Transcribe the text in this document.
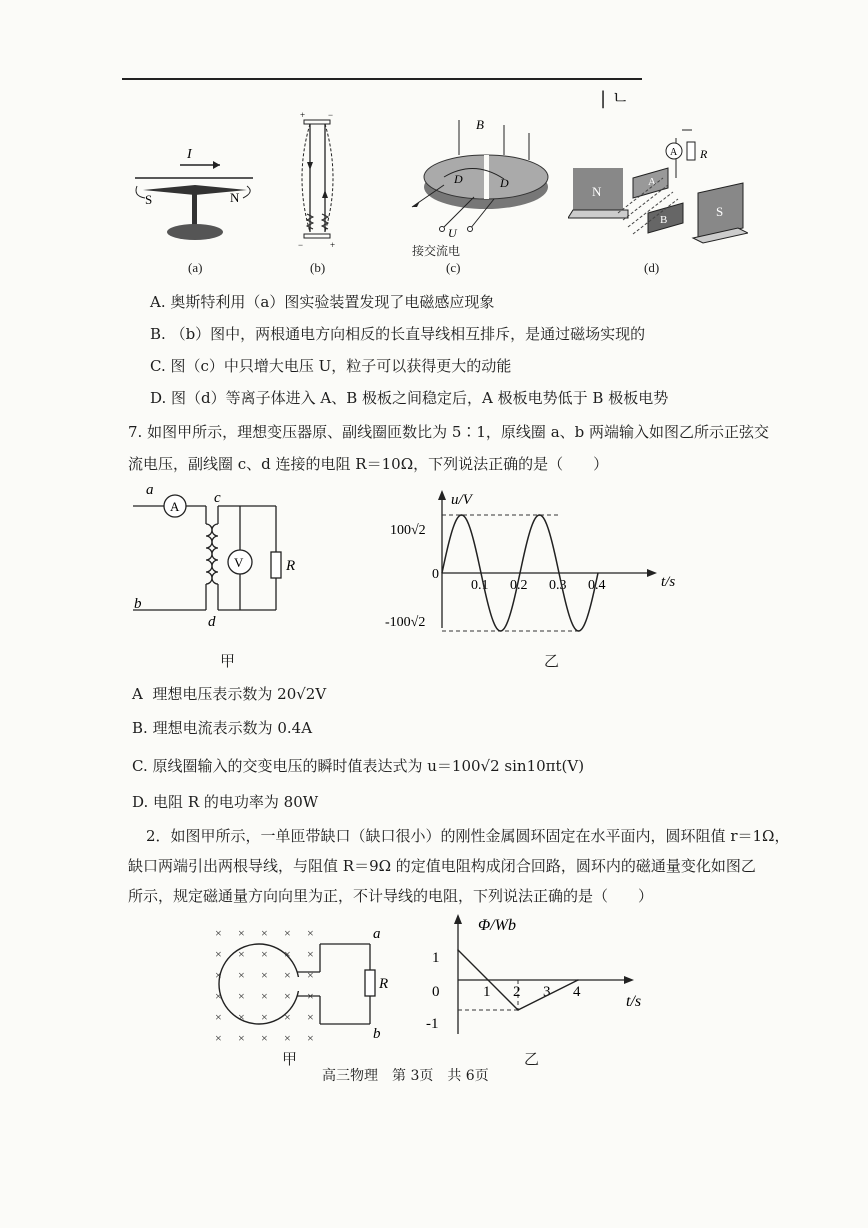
| ㄴ
I
S	N
+	−
−	+
B
D	D
U
接交流电
A R
N
A
B
S
(a)	(b)	(c)	(d)
A. 奥斯特利用（a）图实验装置发现了电磁感应现象
B. （b）图中，两根通电方向相反的长直导线相互排斥，是通过磁场实现的
C. 图（c）中只增大电压 U，粒子可以获得更大的动能
D. 图（d）等离子体进入 A、B 极板之间稳定后，A 极板电势低于 B 极板电势
7. 如图甲所示，理想变压器原、副线圈匝数比为 5∶1，原线圈 a、b 两端输入如图乙所示正弦交
流电压，副线圈 c、d 连接的电阻 R＝10Ω，下列说法正确的是（　　）
a
A
b
c
d
V	R
甲
u/V
t/s
100√2
0
-100√2
0.1 0.2 0.3 0.4
乙
A 理想电压表示数为 20√2V
B. 理想电流表示数为 0.4A
C. 原线圈输入的交变电压的瞬时值表达式为 u＝100√2 sin10πt(V)
D. 电阻 R 的电功率为 80W
2．如图甲所示，一单匝带缺口（缺口很小）的刚性金属圆环固定在水平面内，圆环阻值 r＝1Ω，
缺口两端引出两根导线，与阻值 R＝9Ω 的定值电阻构成闭合回路，圆环内的磁通量变化如图乙
所示，规定磁通量方向向里为正，不计导线的电阻，下列说法正确的是（　　）
× × × × ×
× × × × ×
× × × × ×
× × × × ×
× × × × ×
× × × × ×
R
a
b
甲
Φ/Wb
t/s
1
0
-1
1 2 3 4
乙
高三物理　第 3页　共 6页
